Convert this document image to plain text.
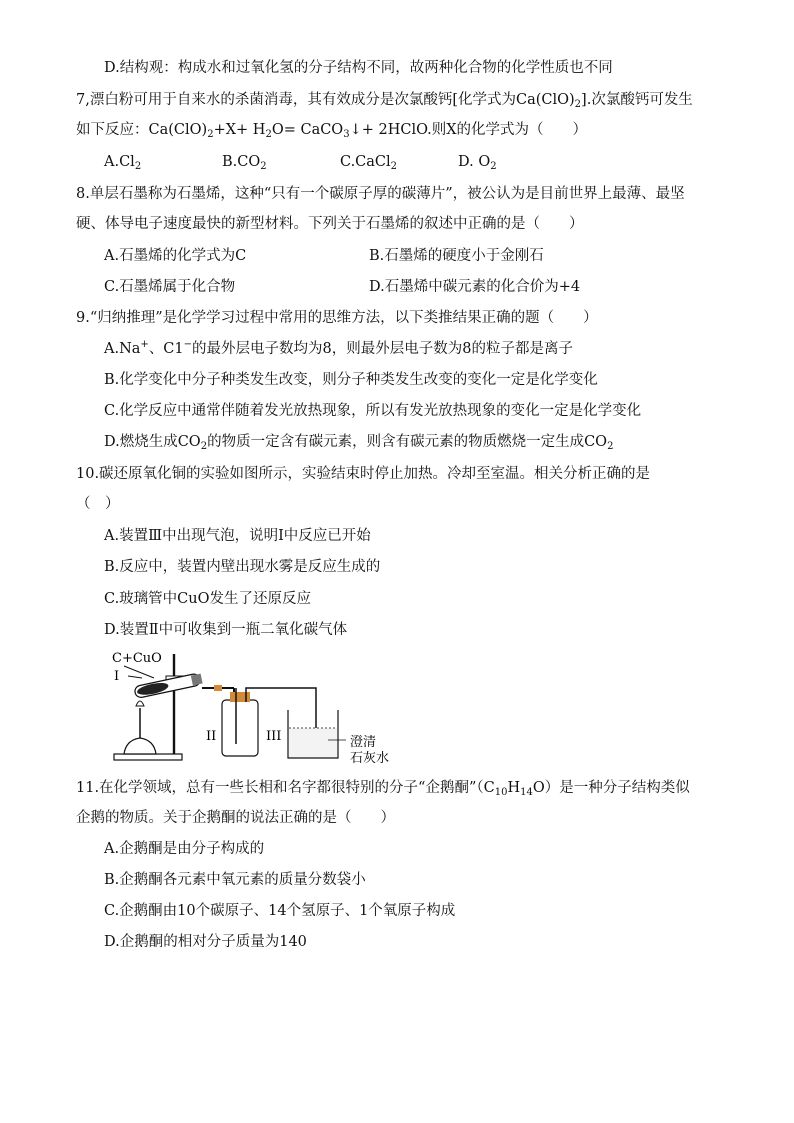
D.结构观：构成水和过氧化氢的分子结构不同，故两种化合物的化学性质也不同
7,漂白粉可用于自来水的杀菌消毒，其有效成分是次氯酸钙[化学式为$Ca(ClO)_2$].次氯酸钙可发生
如下反应：$Ca(ClO)_2+X+ H_2O=$ CaCO$_3$↓+ 2HClO.则X的化学式为（　　）
$A.Cl_2$	$B.CO_2$	C.CaCl$_2$	D. $O_2$
8.单层石墨称为石墨烯，这种“只有一个碳原子厚的碳薄片”，被公认为是目前世界上最薄、最坚
硬、体导电子速度最快的新型材料。下列关于石墨烯的叙述中正确的是（　　）
A.石墨烯的化学式为C	B.石墨烯的硬度小于金刚石
C.石墨烯属于化合物	D.石墨烯中碳元素的化合价为+4
9.“归纳推理”是化学学习过程中常用的思维方法，以下类推结果正确的题（　　）
A.Na+、C1−的最外层电子数均为8，则最外层电子数为8的粒子都是离子
B.化学变化中分子种类发生改变，则分子种类发生改变的变化一定是化学变化
C.化学反应中通常伴随着发光放热现象，所以有发光放热现象的变化一定是化学变化
D.燃烧生成$CO_2$的物质一定含有碳元素，则含有碳元素的物质燃烧一定生成$CO_2$
10.碳还原氧化铜的实验如图所示，实验结束时停止加热。冷却至室温。相关分析正确的是
（　）
A.装置Ⅲ中出现气泡，说明Ⅰ中反应已开始
B.反应中，装置内壁出现水雾是反应生成的
C.玻璃管中CuO发生了还原反应
D.装置Ⅱ中可收集到一瓶二氧化碳气体
C+CuO
I
II	III	澄清
石灰水
11.在化学领域，总有一些长相和名字都很特别的分子“企鹅酮$”(C_{10}H_{14}O)$是一种分子结构类似
企鹅的物质。关于企鹅酮的说法正确的是（　　）
A.企鹅酮是由分子构成的
B.企鹅酮各元素中氧元素的质量分数袋小
C.企鹅酮由10个碳原子、14个氢原子、1个氧原子构成
D.企鹅酮的相对分子质量为140
